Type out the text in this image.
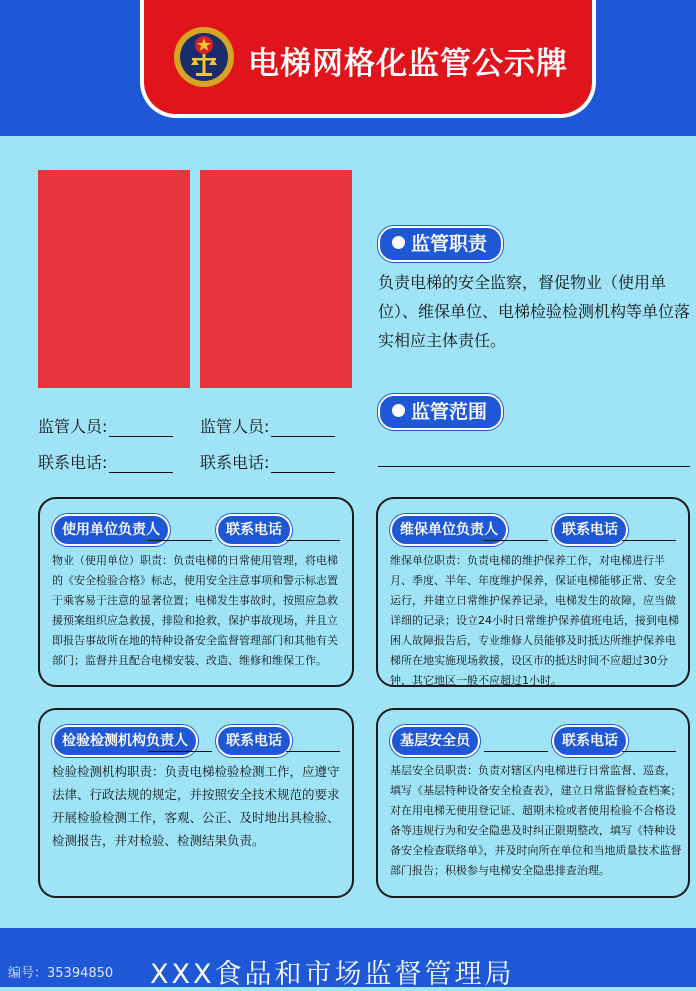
电梯网格化监管公示牌
监管人员:
联系电话:
监管人员:
联系电话:
监管职责
负责电梯的安全监察，督促物业（使用单位）、维保单位、电梯检验检测机构等单位落实相应主体责任。
监管范围
使用单位负责人	联系电话
物业（使用单位）职责：负责电梯的日常使用管理，将电梯的《安全检验合格》标志，使用安全注意事项和警示标志置于乘客易于注意的显著位置；电梯发生事故时，按照应急救援预案组织应急救援，排险和抢救，保护事故现场，并且立即报告事故所在地的特种设备安全监督管理部门和其他有关部门；监督并且配合电梯安装、改造、维修和维保工作。
维保单位负责人	联系电话
维保单位职责：负责电梯的维护保养工作，对电梯进行半月、季度、半年、年度维护保养，保证电梯能够正常、安全运行，并建立日常维护保养记录，电梯发生的故障，应当做详细的记录；设立24小时日常维护保养值班电话，接到电梯困人故障报告后，专业维修人员能够及时抵达所维护保养电梯所在地实施现场救援，设区市的抵达时间不应超过30分钟，其它地区一般不应超过1小时。
检验检测机构负责人	联系电话
检验检测机构职责：负责电梯检验检测工作，应遵守法律、行政法规的规定，并按照安全技术规范的要求开展检验检测工作，客观、公正、及时地出具检验、检测报告，并对检验、检测结果负责。
基层安全员	联系电话
基层安全员职责：负责对辖区内电梯进行日常监督、巡查，填写《基层特种设备安全检查表》，建立日常监督检查档案；对在用电梯无使用登记证、超期未检或者使用检验不合格设备等违规行为和安全隐患及时纠正限期整改，填写《特种设备安全检查联络单》，并及时向所在单位和当地质量技术监督部门报告；积极参与电梯安全隐患排查治理。
XXX食品和市场监督管理局
编号：35394850
